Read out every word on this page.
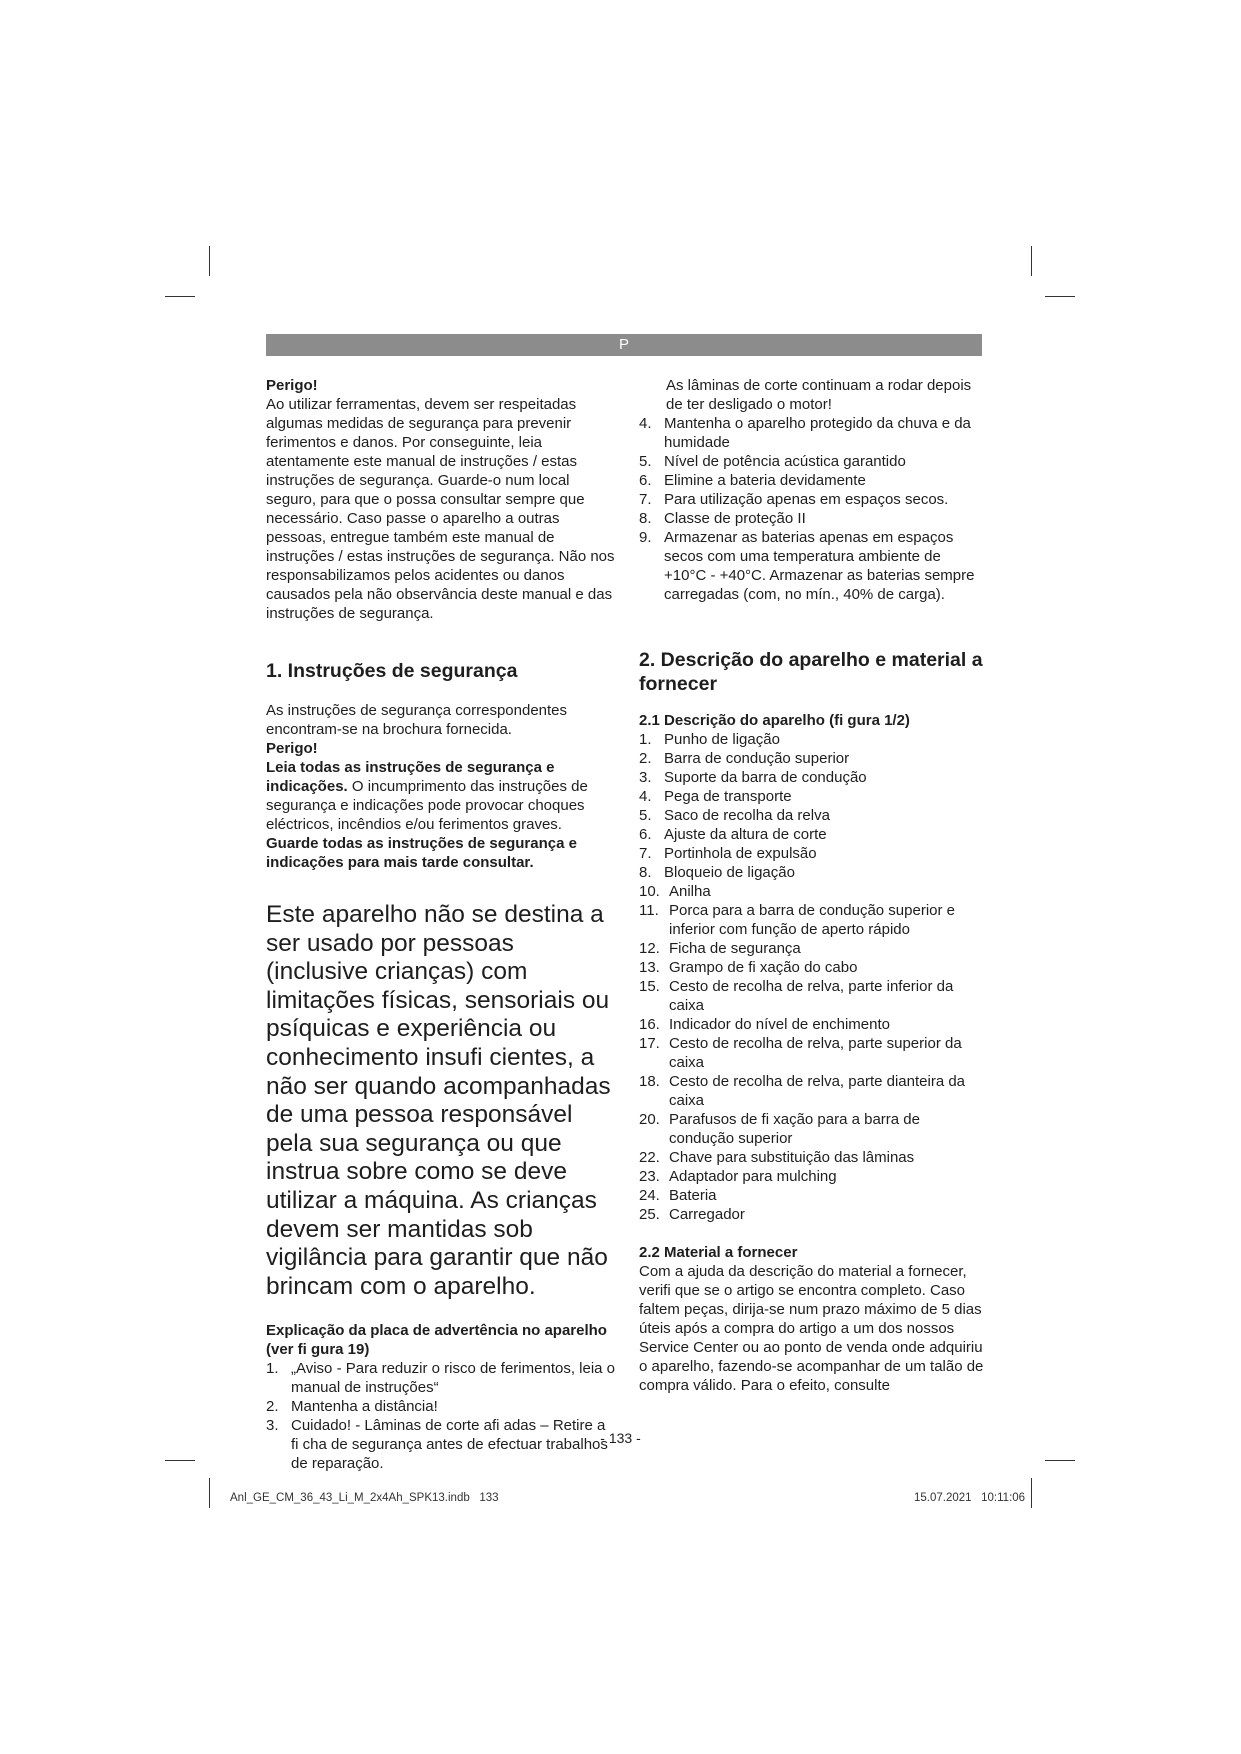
P

Perigo!

Ao utilizar ferramentas, devem ser respeitadas algumas medidas de segurança para prevenir ferimentos e danos. Por conseguinte, leia atentamente este manual de instruções / estas instruções de segurança. Guarde-o num local seguro, para que o possa consultar sempre que necessário. Caso passe o aparelho a outras pessoas, entregue também este manual de instruções / estas instruções de segurança. Não nos responsabilizamos pelos acidentes ou danos causados pela não observância deste manual e das instruções de segurança.

1. Instruções de segurança

As instruções de segurança correspondentes encontram-se na brochura fornecida.

Perigo!

Leia todas as instruções de segurança e indicações. O incumprimento das instruções de segurança e indicações pode provocar choques eléctricos, incêndios e/ou ferimentos graves.

Guarde todas as instruções de segurança e indicações para mais tarde consultar.

Este aparelho não se destina a ser usado por pessoas (inclusive crianças) com limitações físicas, sensoriais ou psíquicas e experiência ou conhecimento insufi cientes, a não ser quando acompanhadas de uma pessoa responsável pela sua segurança ou que instrua sobre como se deve utilizar a máquina. As crianças devem ser mantidas sob vigilância para garantir que não brincam com o aparelho.

Explicação da placa de advertência no aparelho (ver fi gura 19)

1. „Aviso - Para reduzir o risco de ferimentos, leia o manual de instruções“
2. Mantenha a distância!
3. Cuidado! - Lâminas de corte afi adas – Retire a fi cha de segurança antes de efectuar trabalhos de reparação.

As lâminas de corte continuam a rodar depois de ter desligado o motor!

4. Mantenha o aparelho protegido da chuva e da humidade
5. Nível de potência acústica garantido
6. Elimine a bateria devidamente
7. Para utilização apenas em espaços secos.
8. Classe de proteção II
9. Armazenar as baterias apenas em espaços secos com uma temperatura ambiente de +10°C - +40°C. Armazenar as baterias sempre carregadas (com, no mín., 40% de carga).

2. Descrição do aparelho e material a fornecer

2.1 Descrição do aparelho (fi gura 1/2)

1. Punho de ligação
2. Barra de condução superior
3. Suporte da barra de condução
4. Pega de transporte
5. Saco de recolha da relva
6. Ajuste da altura de corte
7. Portinhola de expulsão
8. Bloqueio de ligação
10. Anilha
11. Porca para a barra de condução superior e inferior com função de aperto rápido
12. Ficha de segurança
13. Grampo de fi xação do cabo
15. Cesto de recolha de relva, parte inferior da caixa
16. Indicador do nível de enchimento
17. Cesto de recolha de relva, parte superior da caixa
18. Cesto de recolha de relva, parte dianteira da caixa
20. Parafusos de fi xação para a barra de condução superior
22. Chave para substituição das lâminas
23. Adaptador para mulching
24. Bateria
25. Carregador

2.2 Material a fornecer

Com a ajuda da descrição do material a fornecer, verifi que se o artigo se encontra completo. Caso faltem peças, dirija-se num prazo máximo de 5 dias úteis após a compra do artigo a um dos nossos Service Center ou ao ponto de venda onde adquiriu o aparelho, fazendo-se acompanhar de um talão de compra válido. Para o efeito, consulte

- 133 -
Anl_GE_CM_36_43_Li_M_2x4Ah_SPK13.indb   133	15.07.2021   10:11:06
